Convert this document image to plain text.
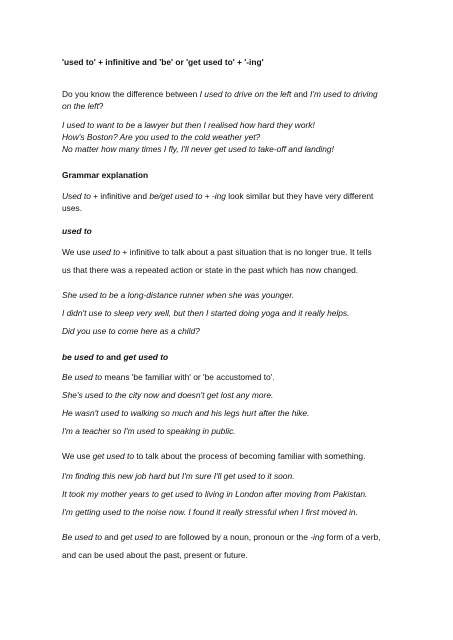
'used to' + infinitive and 'be' or 'get used to' + '-ing'

Do you know the difference between I used to drive on the left and I'm used to driving

on the left?

I used to want to be a lawyer but then I realised how hard they work!

How's Boston? Are you used to the cold weather yet?

No matter how many times I fly, I'll never get used to take-off and landing!

Grammar explanation

Used to + infinitive and be/get used to + -ing look similar but they have very different

uses.

used to

We use used to + infinitive to talk about a past situation that is no longer true. It tells

us that there was a repeated action or state in the past which has now changed.

She used to be a long-distance runner when she was younger.

I didn't use to sleep very well, but then I started doing yoga and it really helps.

Did you use to come here as a child?

be used to and get used to

Be used to means 'be familiar with' or 'be accustomed to'.

She's used to the city now and doesn't get lost any more.

He wasn't used to walking so much and his legs hurt after the hike.

I'm a teacher so I'm used to speaking in public.

We use get used to to talk about the process of becoming familiar with something.

I'm finding this new job hard but I'm sure I'll get used to it soon.

It took my mother years to get used to living in London after moving from Pakistan.

I'm getting used to the noise now. I found it really stressful when I first moved in.

Be used to and get used to are followed by a noun, pronoun or the -ing form of a verb,

and can be used about the past, present or future.
